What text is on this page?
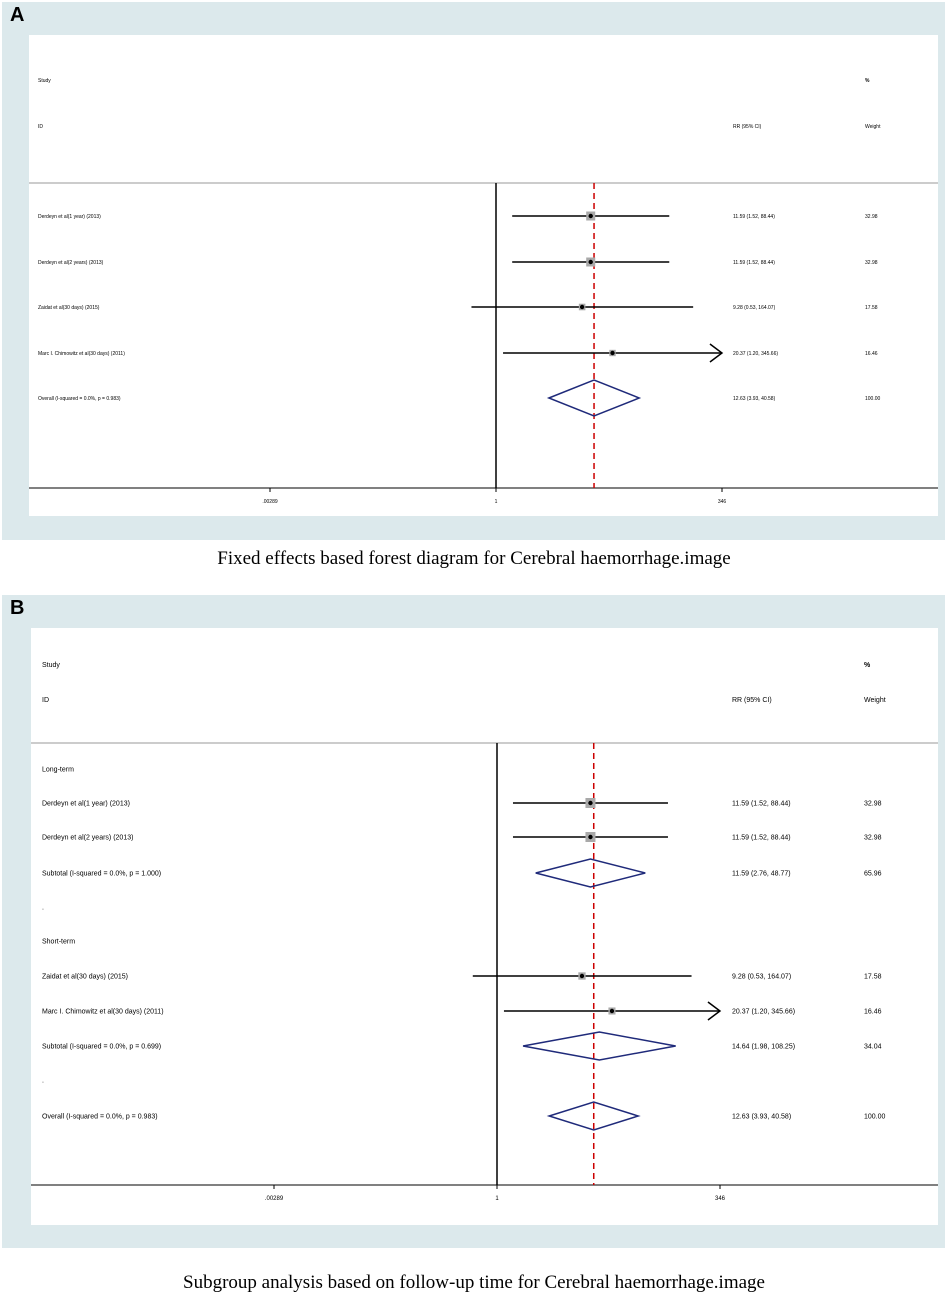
A
Study
ID	RR (95% CI)
%
Weight
.00289	1	346
Derdeyn et al(1 year) (2013)	11.59 (1.52, 88.44)	32.98
Derdeyn et al(2 years) (2013)	11.59 (1.52, 88.44)	32.98
Zaidat et al(30 days) (2015)	9.28 (0.53, 164.07)	17.58
Marc I. Chimowitz et al(30 days) (2011)	20.37 (1.20, 345.66)	16.46
Overall (I-squared = 0.0%, p = 0.983)	12.63 (3.93, 40.58)	100.00
Fixed effects based forest diagram for Cerebral haemorrhage.image
B
Study
ID	RR (95% CI)
%
Weight
.00289	1	346
Long-term
Derdeyn et al(1 year) (2013)	11.59 (1.52, 88.44)	32.98
Derdeyn et al(2 years) (2013)	11.59 (1.52, 88.44)	32.98
Subtotal (I-squared = 0.0%, p = 1.000)	11.59 (2.76, 48.77)	65.96
.
Short-term
Zaidat et al(30 days) (2015)	9.28 (0.53, 164.07)	17.58
Marc I. Chimowitz et al(30 days) (2011)	20.37 (1.20, 345.66)	16.46
Subtotal (I-squared = 0.0%, p = 0.699)	14.64 (1.98, 108.25)	34.04
.
Overall (I-squared = 0.0%, p = 0.983)	12.63 (3.93, 40.58)	100.00
Subgroup analysis based on follow-up time for Cerebral haemorrhage.image
